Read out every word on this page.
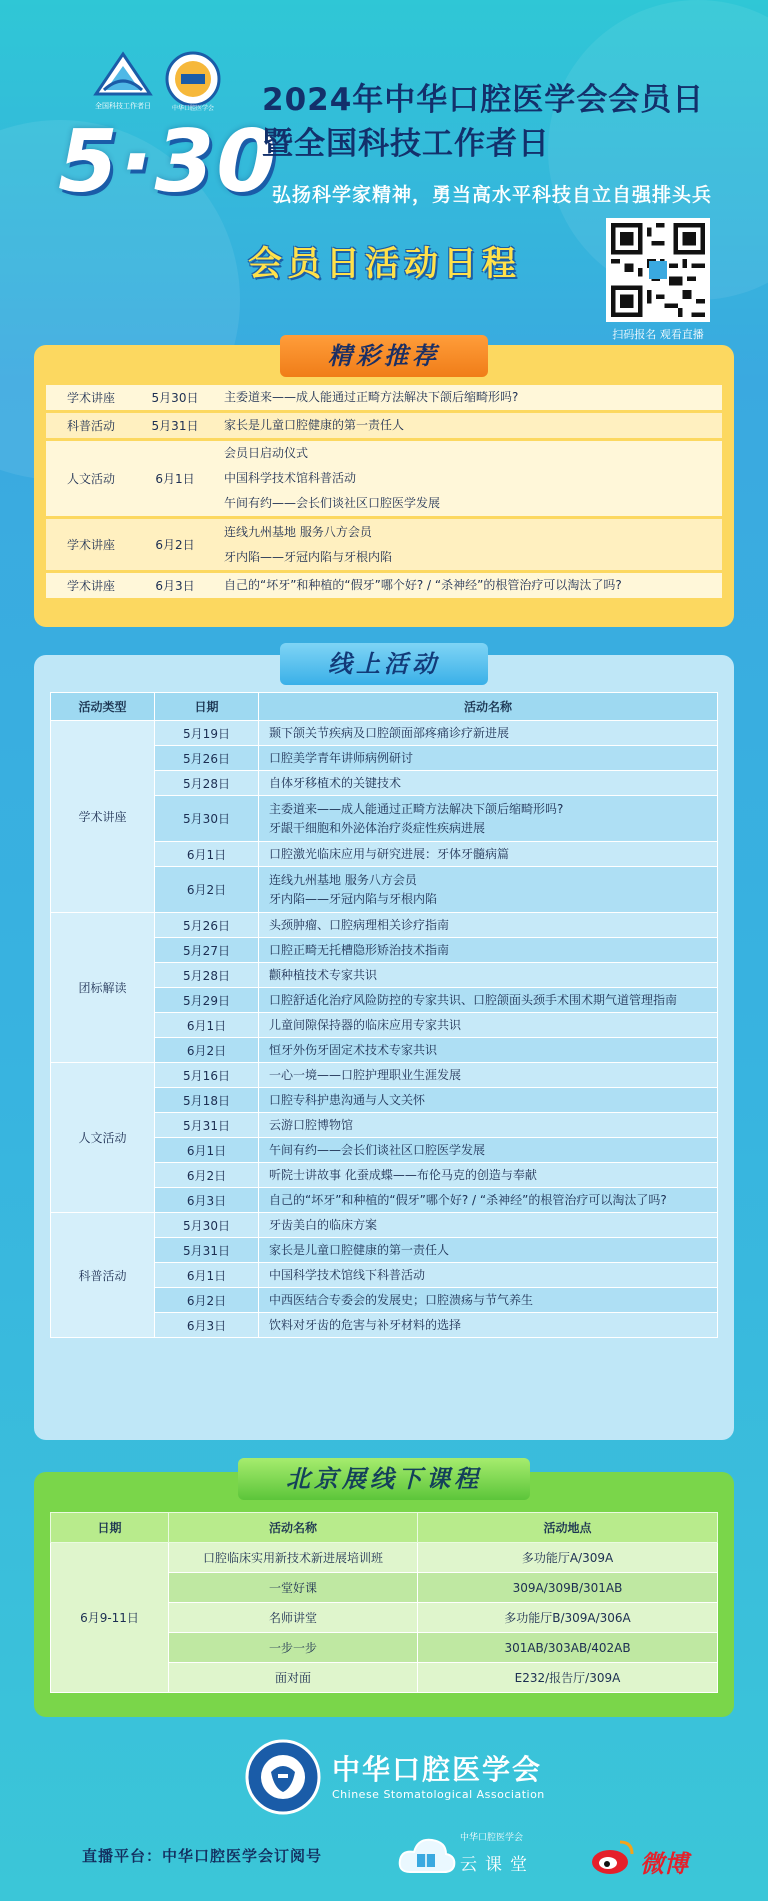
全国科技工作者日	中华口腔医学会
5·30
2024年中华口腔医学会会员日
暨全国科技工作者日
弘扬科学家精神，勇当高水平科技自立自强排头兵
会员日活动日程
扫码报名 观看直播
精彩推荐
学术讲座	5月30日	主委道来——成人能通过正畸方法解决下颌后缩畸形吗?

科普活动	5月31日	家长是儿童口腔健康的第一责任人

人文活动	6月1日	会员日启动仪式
中国科学技术馆科普活动
午间有约——会长们谈社区口腔医学发展

学术讲座	6月2日	连线九州基地 服务八方会员
牙内陷——牙冠内陷与牙根内陷

学术讲座	6月3日	自己的“坏牙”和种植的“假牙”哪个好? / “杀神经”的根管治疗可以淘汰了吗?
线上活动
活动类型	日期	活动名称
学术讲座	5月19日	颞下颌关节疾病及口腔颌面部疼痛诊疗新进展

	5月26日	口腔美学青年讲师病例研讨

	5月28日	自体牙移植术的关键技术

	5月30日	主委道来——成人能通过正畸方法解决下颌后缩畸形吗?
牙龈干细胞和外泌体治疗炎症性疾病进展

	6月1日	口腔激光临床应用与研究进展：牙体牙髓病篇

	6月2日	连线九州基地 服务八方会员
牙内陷——牙冠内陷与牙根内陷

团标解读	5月26日	头颈肿瘤、口腔病理相关诊疗指南

	5月27日	口腔正畸无托槽隐形矫治技术指南

	5月28日	颧种植技术专家共识

	5月29日	口腔舒适化治疗风险防控的专家共识、口腔颌面头颈手术围术期气道管理指南

	6月1日	儿童间隙保持器的临床应用专家共识

	6月2日	恒牙外伤牙固定术技术专家共识

人文活动	5月16日	一心一境——口腔护理职业生涯发展

	5月18日	口腔专科护患沟通与人文关怀

	5月31日	云游口腔博物馆

	6月1日	午间有约——会长们谈社区口腔医学发展

	6月2日	听院士讲故事 化蚕成蝶——布伦马克的创造与奉献

	6月3日	自己的“坏牙”和种植的“假牙”哪个好? / “杀神经”的根管治疗可以淘汰了吗?

科普活动	5月30日	牙齿美白的临床方案

	5月31日	家长是儿童口腔健康的第一责任人

	6月1日	中国科学技术馆线下科普活动

	6月2日	中西医结合专委会的发展史；口腔溃疡与节气养生

	6月3日	饮料对牙齿的危害与补牙材料的选择
北京展线下课程
日期	活动名称	活动地点
6月9-11日	口腔临床实用新技术新进展培训班	多功能厅A/309A
	一堂好课	309A/309B/301AB
	名师讲堂	多功能厅B/309A/306A
	一步一步	301AB/303AB/402AB
	面对面	E232/报告厅/309A
中华口腔医学会
Chinese Stomatological Association
直播平台：中华口腔医学会订阅号
中华口腔医学会
云课堂	微博
